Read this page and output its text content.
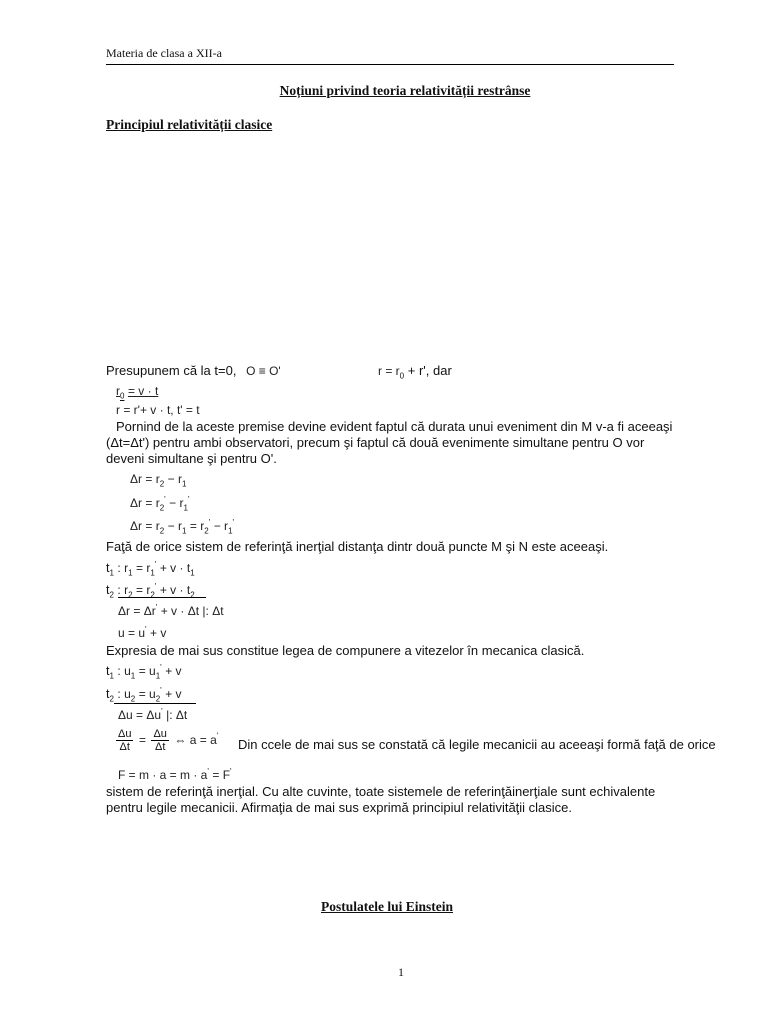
Materia de clasa a XII-a
Noțiuni privind teoria relativității restrânse
Principiul relativității clasice
Presupunem că la t=0, O ≡ O'	$r = r_0 + r'$, dar
$r_0 = v \cdot t$
r = r'+ v · t, t' = t
Pornind de la aceste premise devine evident faptul că durata unui eveniment din M v-a fi aceeaşi (Δt=Δt') pentru ambi observatori, precum şi faptul că două evenimente simultane pentru O vor deveni simultane şi pentru O'.
$\Delta r = r_2 - r_1$
$\Delta r = r_2' - r_1'$
$\Delta r = r_2 - r_1 = r_2' - r_1'$
Faţă de orice sistem de referinţă inerţial distanţa dintr două puncte M şi N este aceeaşi.
$t_1$ : $r_1 = r_1' + v \cdot t_1$
$t_2$ : $r_2 = r_2' + v \cdot t_2$
Δr = Δr' + v · Δt |: Δt
u = u' + v
Expresia de mai sus constitue legea de compunere a vitezelor în mecanica clasică.
$t_1$ : $u_1 = u_1' + v$
$t_2$ : $u_2 = u_2' + v$
Δu = Δu' |: Δt
$\frac{\Delta u}{\Delta t} = \frac{\Delta u}{\Delta t}$ ⇔ a = a'
Din ccele de mai sus se constată că legile mecanicii au aceeaşi formă faţă de orice
F = m · a = m · a' = F'
sistem de referinţă inerţial. Cu alte cuvinte, toate sistemele de referinţăinerţiale sunt echivalente pentru legile mecanicii. Afirmaţia de mai sus exprimă principiul relativităţii clasice.
Postulatele lui Einstein
1
